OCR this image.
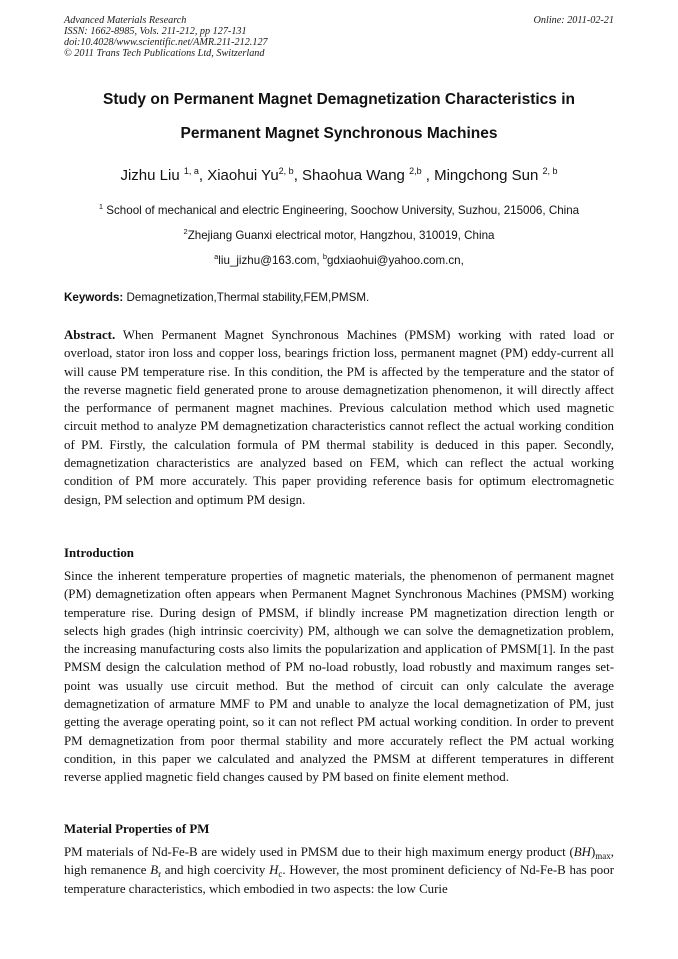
Advanced Materials Research
ISSN: 1662-8985, Vols. 211-212, pp 127-131
doi:10.4028/www.scientific.net/AMR.211-212.127
© 2011 Trans Tech Publications Ltd, Switzerland
Online: 2011-02-21
Study on Permanent Magnet Demagnetization Characteristics in
Permanent Magnet Synchronous Machines
Jizhu Liu $^{1, a}$, Xiaohui Yu$^{2, b}$, Shaohua Wang $^{2,b}$ , Mingchong Sun $^{2, b}$
$^1$ School of mechanical and electric Engineering, Soochow University, Suzhou, 215006, China
$^2$Zhejiang Guanxi electrical motor, Hangzhou, 310019, China
$^a$liu_jizhu@163.com, $^b$gdxiaohui@yahoo.com.cn,
Keywords: Demagnetization,Thermal stability,FEM,PMSM.
Abstract. When Permanent Magnet Synchronous Machines (PMSM) working with rated load or overload, stator iron loss and copper loss, bearings friction loss, permanent magnet (PM) eddy-current all will cause PM temperature rise. In this condition, the PM is affected by the temperature and the stator of the reverse magnetic field generated prone to arouse demagnetization phenomenon, it will directly affect the performance of permanent magnet machines. Previous calculation method which used magnetic circuit method to analyze PM demagnetization characteristics cannot reflect the actual working condition of PM. Firstly, the calculation formula of PM thermal stability is deduced in this paper. Secondly, demagnetization characteristics are analyzed based on FEM, which can reflect the actual working condition of PM more accurately. This paper providing reference basis for optimum electromagnetic design, PM selection and optimum PM design.
Introduction
Since the inherent temperature properties of magnetic materials, the phenomenon of permanent magnet (PM) demagnetization often appears when Permanent Magnet Synchronous Machines (PMSM) working temperature rise. During design of PMSM, if blindly increase PM magnetization direction length or selects high grades (high intrinsic coercivity) PM, although we can solve the demagnetization problem, the increasing manufacturing costs also limits the popularization and application of PMSM[1]. In the past PMSM design the calculation method of PM no-load robustly, load robustly and maximum ranges set-point was usually use circuit method. But the method of circuit can only calculate the average demagnetization of armature MMF to PM and unable to analyze the local demagnetization of PM, just getting the average operating point, so it can not reflect PM actual working condition. In order to prevent PM demagnetization from poor thermal stability and more accurately reflect the PM actual working condition, in this paper we calculated and analyzed the PMSM at different temperatures in different reverse applied magnetic field changes caused by PM based on finite element method.
Material Properties of PM
PM materials of Nd-Fe-B are widely used in PMSM due to their high maximum energy product $(BH)_{max}$, high remanence $B_r$ and high coercivity $H_c$. However, the most prominent deficiency of Nd-Fe-B has poor temperature characteristics, which embodied in two aspects: the low Curie
